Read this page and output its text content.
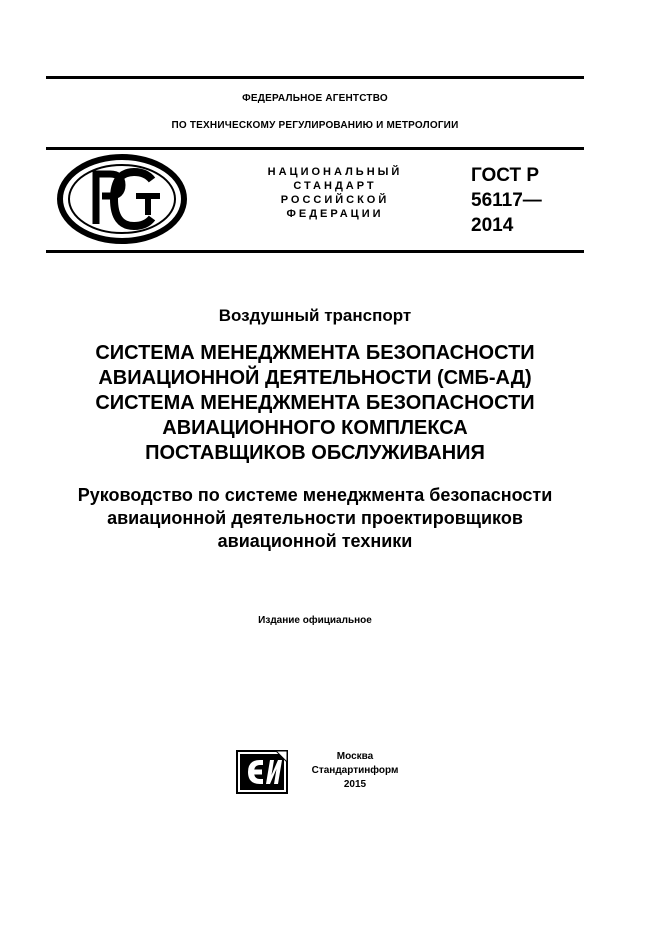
ФЕДЕРАЛЬНОЕ АГЕНТСТВО
ПО ТЕХНИЧЕСКОМУ РЕГУЛИРОВАНИЮ И МЕТРОЛОГИИ
НАЦИОНАЛЬНЫЙ
СТАНДАРТ
РОССИЙСКОЙ
ФЕДЕРАЦИИ
ГОСТ Р
56117—
2014
Воздушный транспорт
СИСТЕМА МЕНЕДЖМЕНТА БЕЗОПАСНОСТИ
АВИАЦИОННОЙ ДЕЯТЕЛЬНОСТИ (СМБ-АД)
СИСТЕМА МЕНЕДЖМЕНТА БЕЗОПАСНОСТИ
АВИАЦИОННОГО КОМПЛЕКСА
ПОСТАВЩИКОВ ОБСЛУЖИВАНИЯ
Руководство по системе менеджмента безопасности
авиационной деятельности проектировщиков
авиационной техники
Издание официальное
Москва
Стандартинформ
2015
